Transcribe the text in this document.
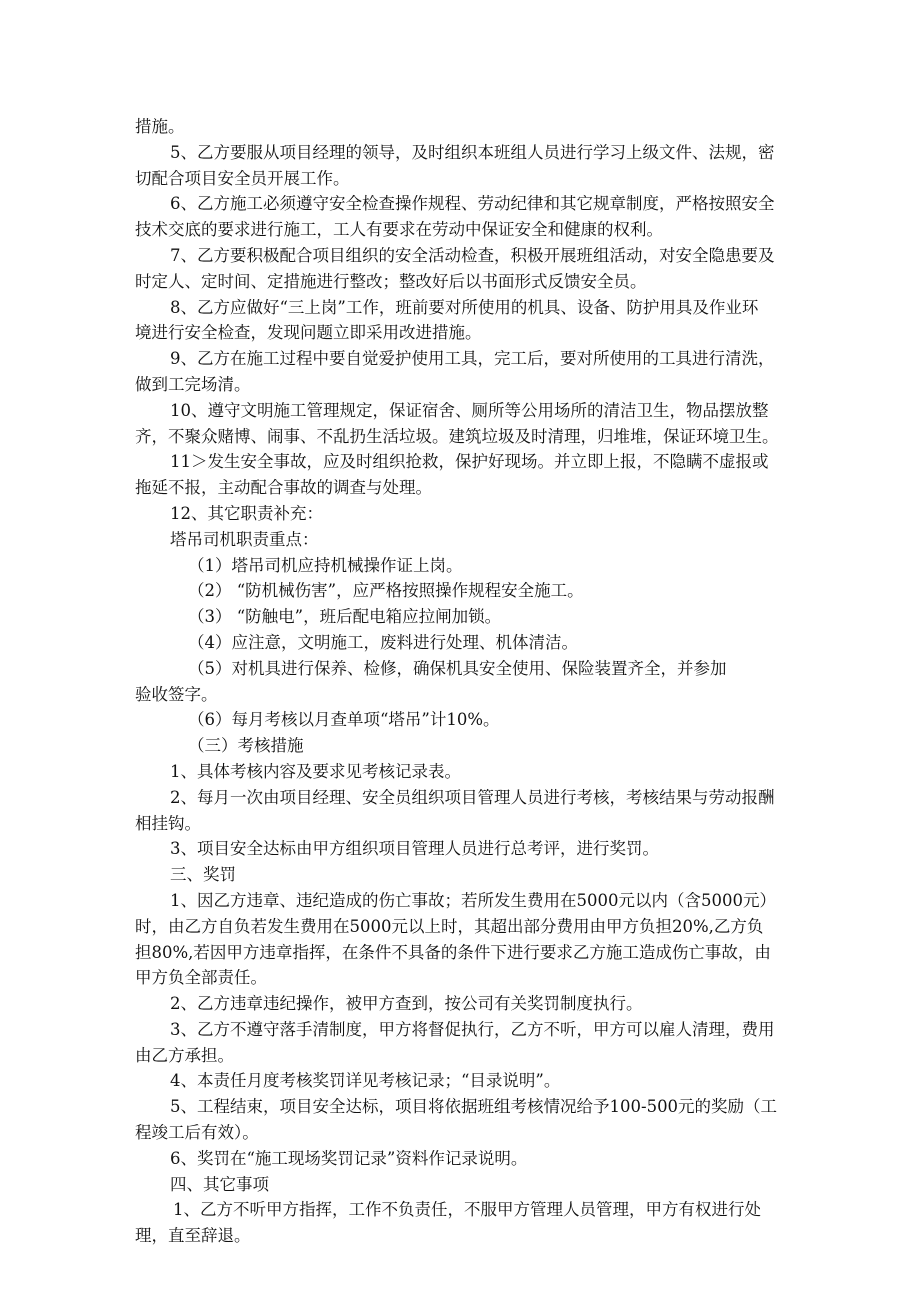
措施。
5、乙方要服从项目经理的领导，及时组织本班组人员进行学习上级文件、法规，密
切配合项目安全员开展工作。
6、乙方施工必须遵守安全检查操作规程、劳动纪律和其它规章制度，严格按照安全
技术交底的要求进行施工，工人有要求在劳动中保证安全和健康的权利。
7、乙方要积极配合项目组织的安全活动检查，积极开展班组活动，对安全隐患要及
时定人、定时间、定措施进行整改；整改好后以书面形式反馈安全员。
8、乙方应做好“三上岗”工作，班前要对所使用的机具、设备、防护用具及作业环
境进行安全检查，发现问题立即采用改进措施。
9、乙方在施工过程中要自觉爱护使用工具，完工后，要对所使用的工具进行清洗，
做到工完场清。
10、遵守文明施工管理规定，保证宿舍、厕所等公用场所的清洁卫生，物品摆放整
齐，不聚众赌博、闹事、不乱扔生活垃圾。建筑垃圾及时清理，归堆堆，保证环境卫生。
11＞发生安全事故，应及时组织抢救，保护好现场。并立即上报，不隐瞒不虚报或
拖延不报，主动配合事故的调查与处理。
12、其它职责补充：
塔吊司机职责重点：
（1）塔吊司机应持机械操作证上岗。
（2） “防机械伤害”，应严格按照操作规程安全施工。
（3） “防触电”，班后配电箱应拉闸加锁。
（4）应注意，文明施工，废料进行处理、机体清洁。
（5）对机具进行保养、检修，确保机具安全使用、保险装置齐全，并参加
验收签字。
（6）每月考核以月查单项“塔吊”计10%。
（三）考核措施
1、具体考核内容及要求见考核记录表。
2、每月一次由项目经理、安全员组织项目管理人员进行考核，考核结果与劳动报酬
相挂钩。
3、项目安全达标由甲方组织项目管理人员进行总考评，进行奖罚。
三、奖罚
1、因乙方违章、违纪造成的伤亡事故；若所发生费用在5000元以内（含5000元）
时，由乙方自负若发生费用在5000元以上时，其超出部分费用由甲方负担20%,乙方负
担80%,若因甲方违章指挥，在条件不具备的条件下进行要求乙方施工造成伤亡事故，由
甲方负全部责任。
2、乙方违章违纪操作，被甲方查到，按公司有关奖罚制度执行。
3、乙方不遵守落手清制度，甲方将督促执行，乙方不听，甲方可以雇人清理，费用
由乙方承担。
4、本责任月度考核奖罚详见考核记录；“目录说明”。
5、工程结束，项目安全达标，项目将依据班组考核情况给予100-500元的奖励（工
程竣工后有效）。
6、奖罚在“施工现场奖罚记录”资料作记录说明。
四、其它事项
1、乙方不听甲方指挥，工作不负责任，不服甲方管理人员管理，甲方有权进行处
理，直至辞退。
